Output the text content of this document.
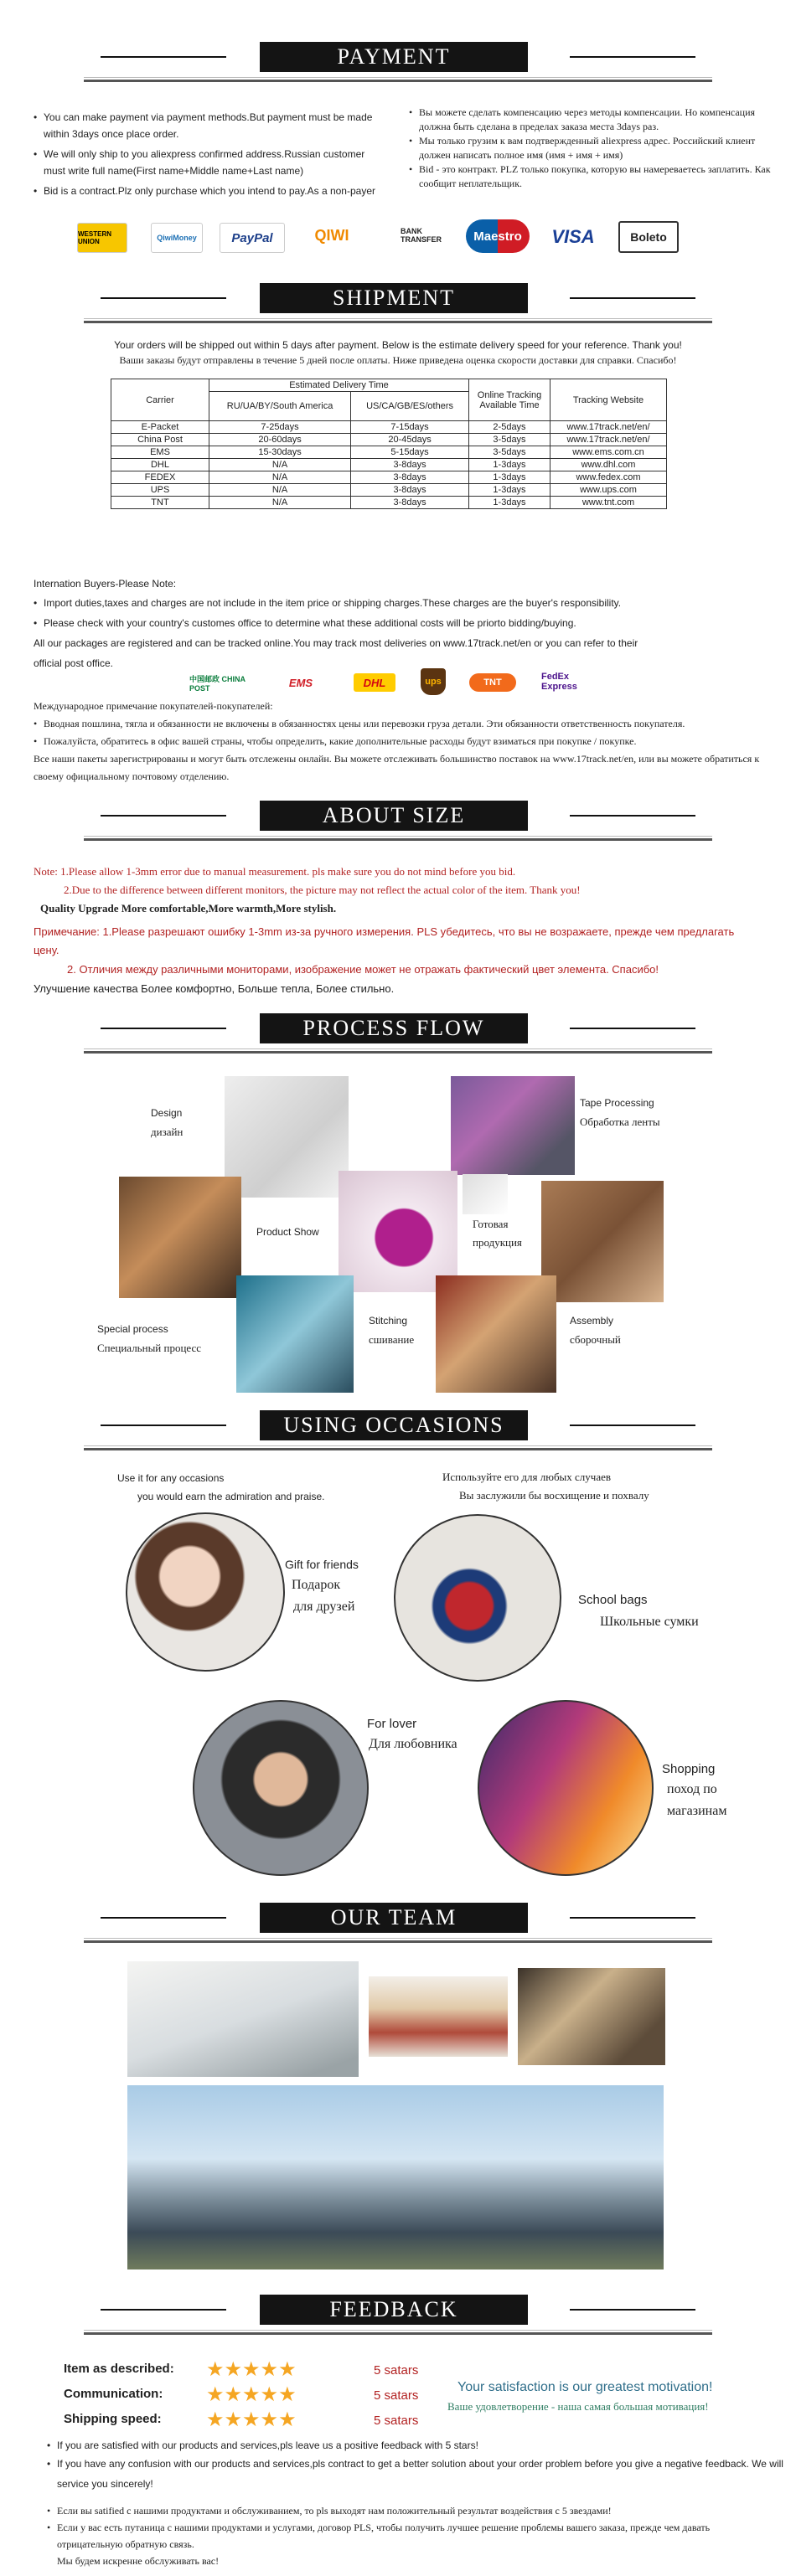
PAYMENT

• You can make payment via payment methods.But payment must be made within 3days once place order.

• We will only ship to you aliexpress confirmed address.Russian customer must write full name(First name+Middle name+Last name)

• Bid is a contract.Plz only purchase which you intend to pay.As a non-payer

• Вы можете сделать компенсацию через методы компенсации. Но компенсация должна быть сделана в пределах заказа места 3days раз.

• Мы только грузим к вам подтвержденный aliexpress адрес. Российский клиент должен написать полное имя (имя + имя + имя)

• Bid - это контракт. PLZ только покупка, которую вы намереваетесь заплатить. Как сообщит неплательщик.

WESTERN UNION	QiwiMoney	PayPal	QIWI	BANK TRANSFER	Maestro	VISA	Boleto
SHIPMENT

Your orders will be shipped out within 5 days after payment. Below is the estimate delivery speed for your reference. Thank you!

Ваши заказы будут отправлены в течение 5 дней после оплаты. Ниже приведена оценка скорости доставки для справки. Спасибо!

Carrier	Estimated Delivery Time		Online Tracking Available Time	Tracking Website
	RU/UA/BY/South America	US/CA/GB/ES/others		
E-Packet	7-25days	7-15days	2-5days	www.17track.net/en/
China Post	20-60days	20-45days	3-5days	www.17track.net/en/
EMS	15-30days	5-15days	3-5days	www.ems.com.cn
DHL	N/A	3-8days	1-3days	www.dhl.com
FEDEX	N/A	3-8days	1-3days	www.fedex.com
UPS	N/A	3-8days	1-3days	www.ups.com
TNT	N/A	3-8days	1-3days	www.tnt.com

Internation Buyers-Please Note:

• Import duties,taxes and charges are not include in the item price or shipping charges.These charges are the buyer's responsibility.

• Please check with your country's customes office to determine what these additional costs will be priorto bidding/buying.

All our packages are registered and can be tracked online.You may track most deliveries on www.17track.net/en or you can refer to their official post office.

中国邮政 CHINA POST	EMS	DHL	ups	TNT
FedEx Express

Международное примечание покупателей-покупателей:

• Вводная пошлина, тягла и обязанности не включены в обязанностях цены или перевозки груза детали. Эти обязанности ответственность покупателя.

• Пожалуйста, обратитесь в офис вашей страны, чтобы определить, какие дополнительные расходы будут взиматься при покупке / покупке.

Все наши пакеты зарегистрированы и могут быть отслежены онлайн. Вы можете отслеживать большинство поставок на www.17track.net/en, или вы можете обратиться к своему официальному почтовому отделению.

ABOUT SIZE

Note: 1.Please allow 1-3mm error due to manual measurement. pls make sure you do not mind before you bid.

2.Due to the difference between different monitors, the picture may not reflect the actual color of the item. Thank you!

Quality Upgrade More comfortable,More warmth,More stylish.

Примечание: 1.Please разрешают ошибку 1-3mm из-за ручного измерения. PLS убедитесь, что вы не возражаете, прежде чем предлагать цену.

2. Отличия между различными мониторами, изображение может не отражать фактический цвет элемента. Спасибо!

Улучшение качества Более комфортно, Больше тепла, Более стильно.

PROCESS FLOW

Design

дизайн

Tape Processing

Обработка ленты

Product Show

Готовая

продукция

Special process

Специальный процесс

Stitching

сшивание

Assembly

сборочный

USING OCCASIONS

Use it for any occasions

you would earn the admiration and praise.

Используйте его для любых случаев

Вы заслужили бы восхищение и похвалу

Gift for friends

Подарок

для друзей	School bags

Школьные сумки

For lover

Для любовника

Shopping

поход по

магазинам

OUR TEAM
FEEDBACK
Item as described: ★★★★★	5 satars
Communication: ★★★★★	5 satars
Shipping speed: ★★★★★	5 satars

Your satisfaction is our greatest motivation!

Ваше удовлетворение - наша самая большая мотивация!

• If you are satisfied with our products and services,pls leave us a positive feedback with 5 stars!

• If you have any confusion with our products and services,pls contract to get a better solution about your order problem before you give a negative feedback. We will service you sincerely!

• Если вы satified с нашими продуктами и обслуживанием, то pls выходят нам положительный результат воздействия с 5 звездами!

• Если у вас есть путаница с нашими продуктами и услугами, договор PLS, чтобы получить лучшее решение проблемы вашего заказа, прежде чем давать отрицательную обратную связь.

Мы будем искренне обслуживать вас!
